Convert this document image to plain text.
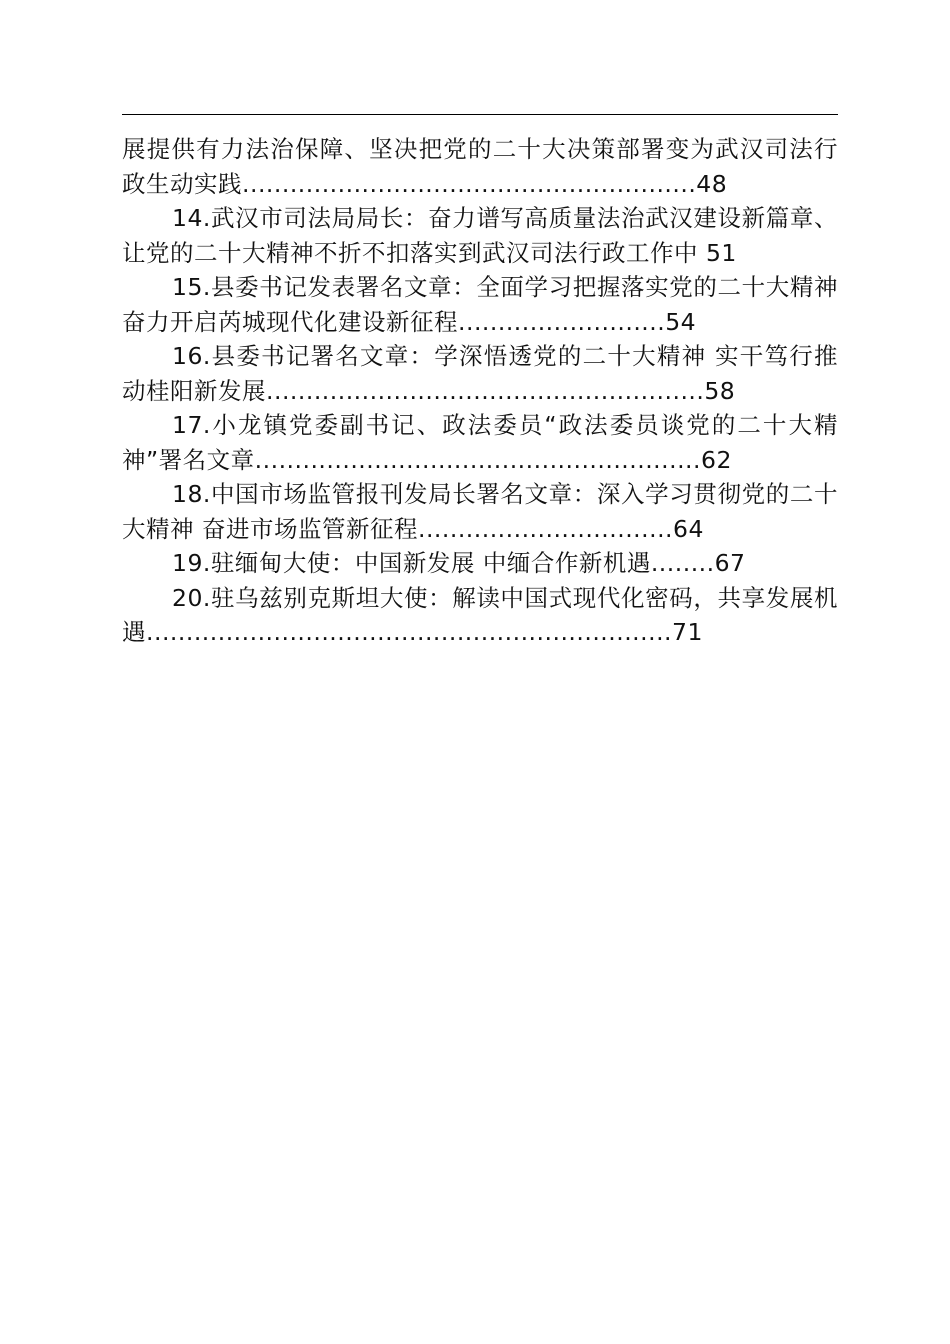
展提供有力法治保障、坚决把党的二十大决策部署变为武汉司法行政生动实践.........................................................48

14.武汉市司法局局长：奋力谱写高质量法治武汉建设新篇章、让党的二十大精神不折不扣落实到武汉司法行政工作中 51

15.县委书记发表署名文章：全面学习把握落实党的二十大精神 奋力开启芮城现代化建设新征程..........................54

16.县委书记署名文章：学深悟透党的二十大精神 实干笃行推动桂阳新发展.......................................................58

17.小龙镇党委副书记、政法委员“政法委员谈党的二十大精神”署名文章........................................................62

18.中国市场监管报刊发局长署名文章：深入学习贯彻党的二十大精神 奋进市场监管新征程................................64

19.驻缅甸大使：中国新发展 中缅合作新机遇........67

20.驻乌兹别克斯坦大使：解读中国式现代化密码，共享发展机遇..................................................................71
